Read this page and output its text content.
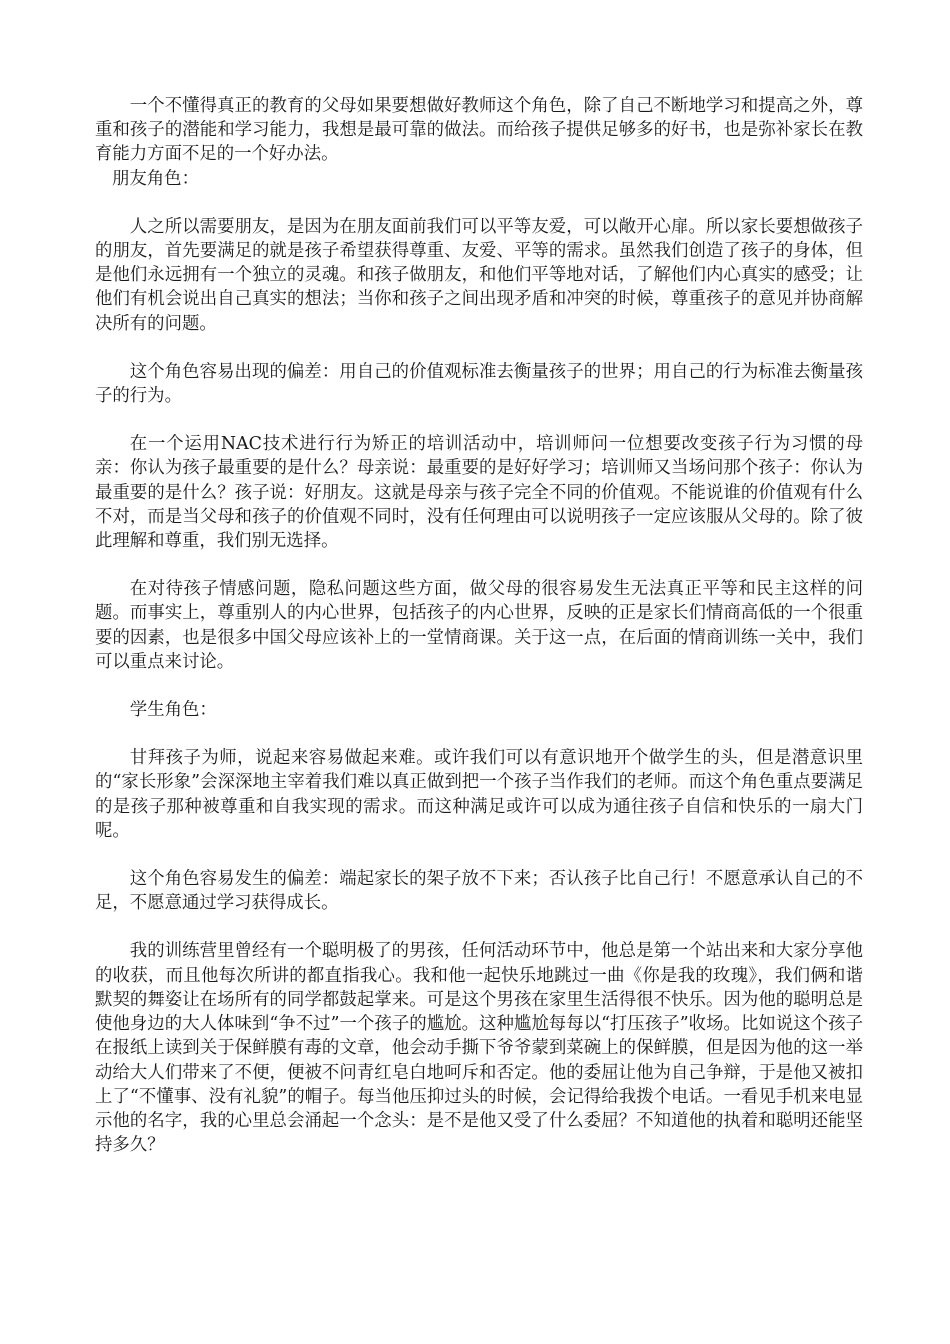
一个不懂得真正的教育的父母如果要想做好教师这个角色，除了自己不断地学习和提高之外，尊重和孩子的潜能和学习能力，我想是最可靠的做法。而给孩子提供足够多的好书，也是弥补家长在教育能力方面不足的一个好办法。

朋友角色：

人之所以需要朋友，是因为在朋友面前我们可以平等友爱，可以敞开心扉。所以家长要想做孩子的朋友，首先要满足的就是孩子希望获得尊重、友爱、平等的需求。虽然我们创造了孩子的身体，但是他们永远拥有一个独立的灵魂。和孩子做朋友，和他们平等地对话，了解他们内心真实的感受；让他们有机会说出自己真实的想法；当你和孩子之间出现矛盾和冲突的时候，尊重孩子的意见并协商解决所有的问题。

这个角色容易出现的偏差：用自己的价值观标准去衡量孩子的世界；用自己的行为标准去衡量孩子的行为。

在一个运用NAC技术进行行为矫正的培训活动中，培训师问一位想要改变孩子行为习惯的母亲：你认为孩子最重要的是什么？母亲说：最重要的是好好学习；培训师又当场问那个孩子：你认为最重要的是什么？孩子说：好朋友。这就是母亲与孩子完全不同的价值观。不能说谁的价值观有什么不对，而是当父母和孩子的价值观不同时，没有任何理由可以说明孩子一定应该服从父母的。除了彼此理解和尊重，我们别无选择。

在对待孩子情感问题，隐私问题这些方面，做父母的很容易发生无法真正平等和民主这样的问题。而事实上，尊重别人的内心世界，包括孩子的内心世界，反映的正是家长们情商高低的一个很重要的因素，也是很多中国父母应该补上的一堂情商课。关于这一点，在后面的情商训练一关中，我们可以重点来讨论。

学生角色：

甘拜孩子为师，说起来容易做起来难。或许我们可以有意识地开个做学生的头，但是潜意识里的“家长形象”会深深地主宰着我们难以真正做到把一个孩子当作我们的老师。而这个角色重点要满足的是孩子那种被尊重和自我实现的需求。而这种满足或许可以成为通往孩子自信和快乐的一扇大门呢。

这个角色容易发生的偏差：端起家长的架子放不下来；否认孩子比自己行！不愿意承认自己的不足，不愿意通过学习获得成长。

我的训练营里曾经有一个聪明极了的男孩，任何活动环节中，他总是第一个站出来和大家分享他的收获，而且他每次所讲的都直指我心。我和他一起快乐地跳过一曲《你是我的玫瑰》，我们俩和谐默契的舞姿让在场所有的同学都鼓起掌来。可是这个男孩在家里生活得很不快乐。因为他的聪明总是使他身边的大人体味到“争不过”一个孩子的尴尬。这种尴尬每每以“打压孩子”收场。比如说这个孩子在报纸上读到关于保鲜膜有毒的文章，他会动手撕下爷爷蒙到菜碗上的保鲜膜，但是因为他的这一举动给大人们带来了不便，便被不问青红皂白地呵斥和否定。他的委屈让他为自己争辩，于是他又被扣上了“不懂事、没有礼貌”的帽子。每当他压抑过头的时候，会记得给我拨个电话。一看见手机来电显示他的名字，我的心里总会涌起一个念头：是不是他又受了什么委屈？不知道他的执着和聪明还能坚持多久？
